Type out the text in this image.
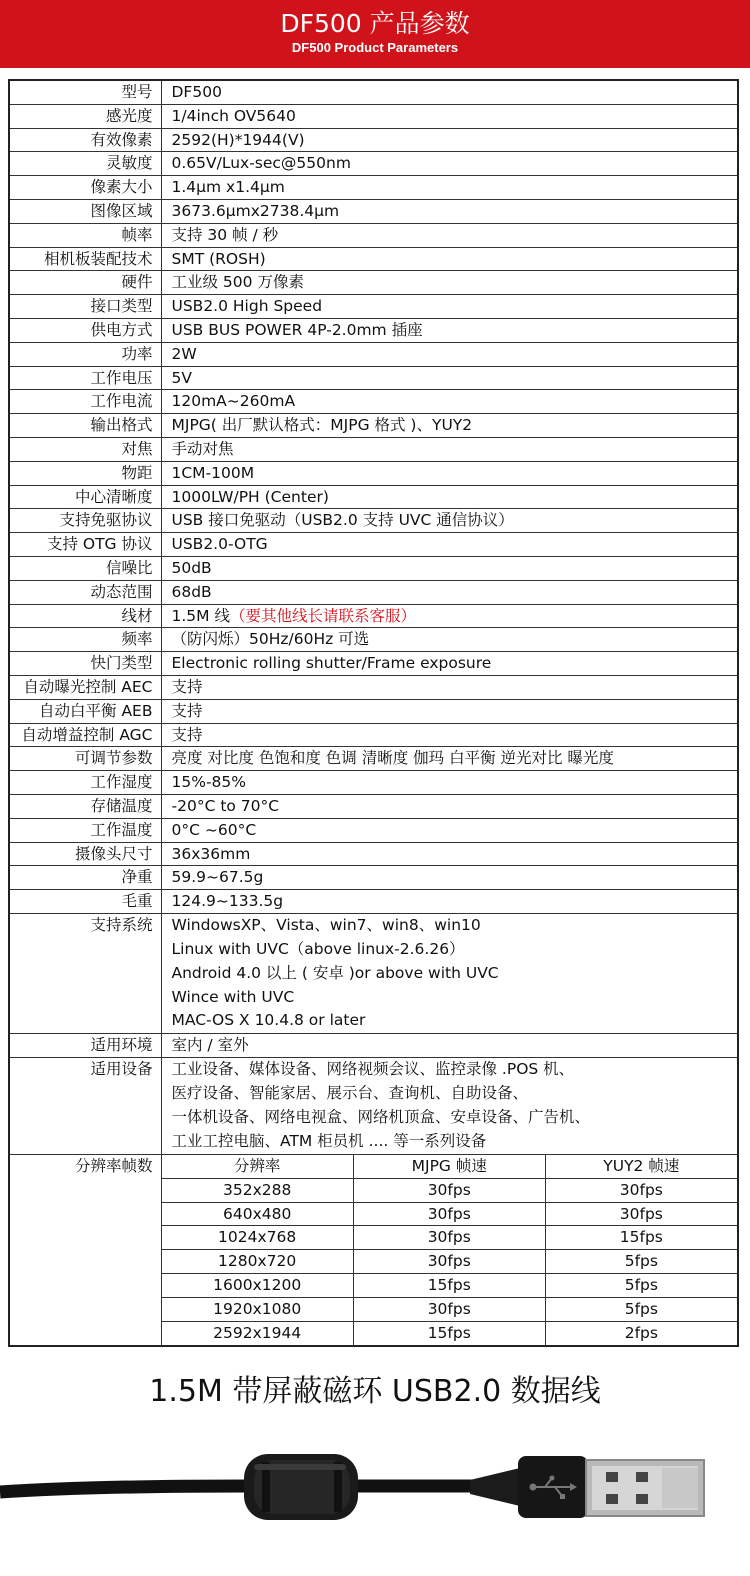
DF500 产品参数
DF500 Product Parameters
型号	DF500
感光度	1/4inch OV5640
有效像素	2592(H)*1944(V)
灵敏度	0.65V/Lux-sec@550nm
像素大小	1.4μm x1.4μm
图像区域	3673.6μmx2738.4μm
帧率	支持 30 帧 / 秒
相机板装配技术	SMT (ROSH)
硬件	工业级 500 万像素
接口类型	USB2.0 High Speed
供电方式	USB BUS POWER 4P-2.0mm 插座
功率	2W
工作电压	5V
工作电流	120mA~260mA
输出格式	MJPG( 出厂默认格式：MJPG 格式 )、YUY2
对焦	手动对焦
物距	1CM-100M
中心清晰度	1000LW/PH (Center)
支持免驱协议	USB 接口免驱动（USB2.0 支持 UVC 通信协议）
支持 OTG 协议	USB2.0-OTG
信噪比	50dB
动态范围	68dB
线材	1.5M 线（要其他线长请联系客服）
频率	（防闪烁）50Hz/60Hz 可选
快门类型	Electronic rolling shutter/Frame exposure
自动曝光控制 AEC	支持
自动白平衡 AEB	支持
自动增益控制 AGC	支持
可调节参数	亮度 对比度 色饱和度 色调 清晰度 伽玛 白平衡 逆光对比 曝光度
工作湿度	15%-85%
存储温度	-20°C to 70°C
工作温度	0°C ~60°C
摄像头尺寸	36x36mm
净重	59.9~67.5g
毛重	124.9~133.5g
支持系统	WindowsXP、Vista、win7、win8、win10
Linux with UVC（above linux-2.6.26）
Android 4.0 以上 ( 安卓 )or above with UVC
Wince with UVC
MAC-OS X 10.4.8 or later

适用环境	室内 / 室外
适用设备	工业设备、媒体设备、网络视频会议、监控录像 .POS 机、
医疗设备、智能家居、展示台、查询机、自助设备、
一体机设备、网络电视盒、网络机顶盒、安卓设备、广告机、
工业工控电脑、ATM 柜员机 .... 等一系列设备

分辨率帧数		分辨率	MJPG 帧速	YUY2 帧速
352x288	30fps	30fps
640x480	30fps	30fps
1024x768	30fps	15fps
1280x720	30fps	5fps
1600x1200	15fps	5fps
1920x1080	30fps	5fps
2592x1944	15fps	2fps
1.5M 带屏蔽磁环 USB2.0 数据线
